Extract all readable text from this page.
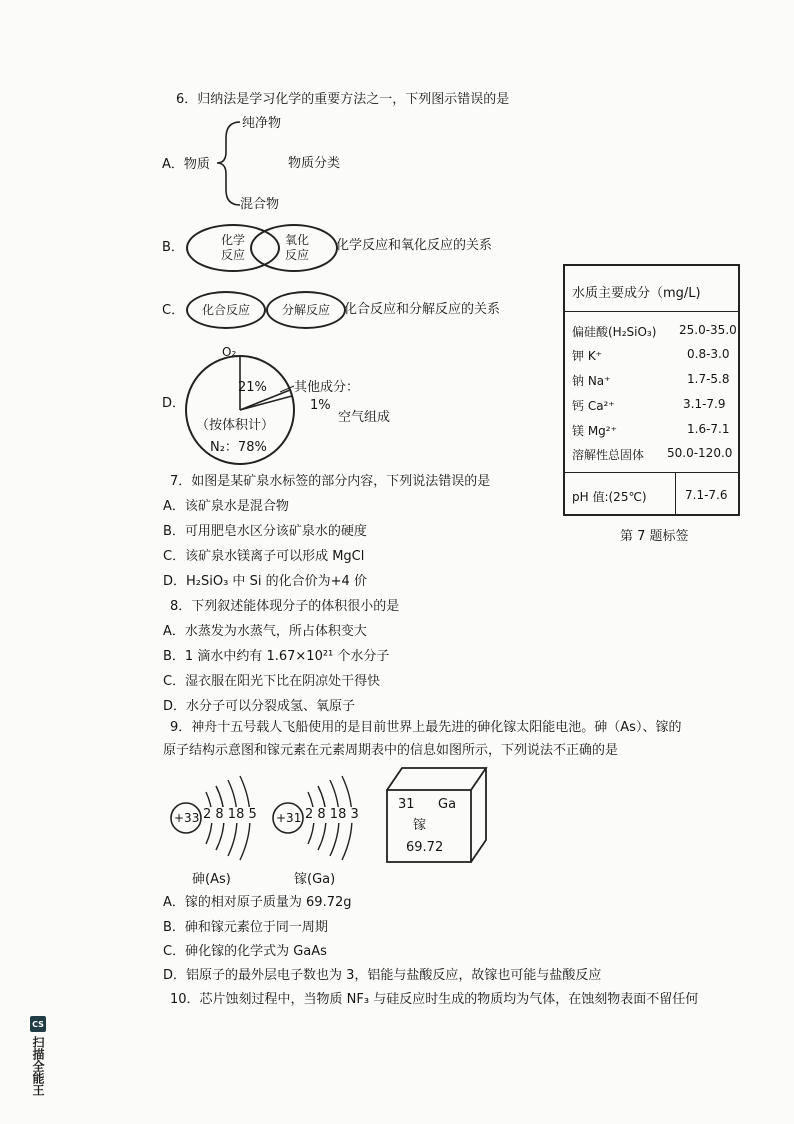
6．归纳法是学习化学的重要方法之一，下列图示错误的是
A．物质
纯净物
混合物
物质分类
B．	化学
反应
氧化
反应
化学反应和氧化反应的关系
C． 化合反应	分解反应 化合反应和分解反应的关系
D．
O₂
21% 其他成分：
1%
（按体积计）
N₂：78%
空气组成
水质主要成分（mg/L)
偏硅酸(H₂SiO₃) 25.0-35.0
钾 K⁺	0.8-3.0
钠 Na⁺	1.7-5.8
钙 Ca²⁺	3.1-7.9
镁 Mg²⁺	1.6-7.1
溶解性总固体 50.0-120.0
pH 值:(25℃)	7.1-7.6
第 7 题标签
7．如图是某矿泉水标签的部分内容，下列说法错误的是
A．该矿泉水是混合物
B．可用肥皂水区分该矿泉水的硬度
C．该矿泉水镁离子可以形成 MgCl
D．H₂SiO₃ 中 Si 的化合价为+4 价
8．下列叙述能体现分子的体积很小的是
A．水蒸发为水蒸气，所占体积变大
B．1 滴水中约有 1.67×10²¹ 个水分子
C．湿衣服在阳光下比在阴凉处干得快
D．水分子可以分裂成氢、氧原子
9．神舟十五号载人飞船使用的是目前世界上最先进的砷化镓太阳能电池。砷（As）、镓的
原子结构示意图和镓元素在元素周期表中的信息如图所示，下列说法不正确的是
+33 2 8 18 5
砷(As)
+31 2 8 18 3
镓(Ga)
31 Ga
镓
69.72
A．镓的相对原子质量为 69.72g
B．砷和镓元素位于同一周期
C．砷化镓的化学式为 GaAs
D．铝原子的最外层电子数也为 3，铝能与盐酸反应，故镓也可能与盐酸反应
10．芯片蚀刻过程中，当物质 NF₃ 与硅反应时生成的物质均为气体，在蚀刻物表面不留任何
CS
扫描全能王
